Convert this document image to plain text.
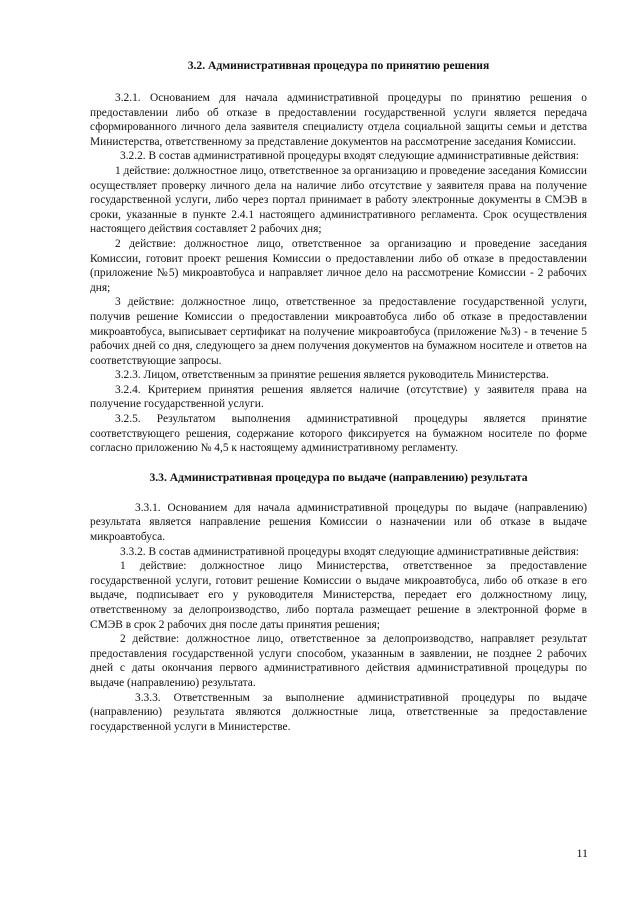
3.2. Административная процедура по принятию решения

3.2.1. Основанием для начала административной процедуры по принятию решения о предоставлении либо об отказе в предоставлении государственной услуги является передача сформированного личного дела заявителя специалисту отдела социальной защиты семьи и детства Министерства, ответственному за представление документов на рассмотрение заседания Комиссии.

3.2.2. В состав административной процедуры входят следующие административные действия:

1 действие: должностное лицо, ответственное за организацию и проведение заседания Комиссии осуществляет проверку личного дела на наличие либо отсутствие у заявителя права на получение государственной услуги, либо через портал принимает в работу электронные документы в СМЭВ в сроки, указанные в пункте 2.4.1 настоящего административного регламента. Срок осуществления настоящего действия составляет 2 рабочих дня;

2 действие: должностное лицо, ответственное за организацию и проведение заседания Комиссии, готовит проект решения Комиссии о предоставлении либо об отказе в предоставлении (приложение №5) микроавтобуса и направляет личное дело на рассмотрение Комиссии - 2 рабочих дня;

3 действие: должностное лицо, ответственное за предоставление государственной услуги, получив решение Комиссии о предоставлении микроавтобуса либо об отказе в предоставлении микроавтобуса, выписывает сертификат на получение микроавтобуса (приложение №3) - в течение 5 рабочих дней со дня, следующего за днем получения документов на бумажном носителе и ответов на соответствующие запросы.

3.2.3. Лицом, ответственным за принятие решения является руководитель Министерства.

3.2.4. Критерием принятия решения является наличие (отсутствие) у заявителя права на получение государственной услуги.

3.2.5. Результатом выполнения административной процедуры является принятие соответствующего решения, содержание которого фиксируется на бумажном носителе по форме согласно приложению № 4,5 к настоящему административному регламенту.

3.3. Административная процедура по выдаче (направлению) результата

3.3.1. Основанием для начала административной процедуры по выдаче (направлению) результата является направление решения Комиссии о назначении или об отказе в выдаче микроавтобуса.

3.3.2. В состав административной процедуры входят следующие административные действия:

1 действие: должностное лицо Министерства, ответственное за предоставление государственной услуги, готовит решение Комиссии о выдаче микроавтобуса, либо об отказе в его выдаче, подписывает его у руководителя Министерства, передает его должностному лицу, ответственному за делопроизводство, либо портала размещает решение в электронной форме в СМЭВ в срок 2 рабочих дня после даты принятия решения;

2 действие: должностное лицо, ответственное за делопроизводство, направляет результат предоставления государственной услуги способом, указанным в заявлении, не позднее 2 рабочих дней с даты окончания первого административного действия административной процедуры по выдаче (направлению) результата.

3.3.3. Ответственным за выполнение административной процедуры по выдаче (направлению) результата являются должностные лица, ответственные за предоставление государственной услуги в Министерстве.

11
